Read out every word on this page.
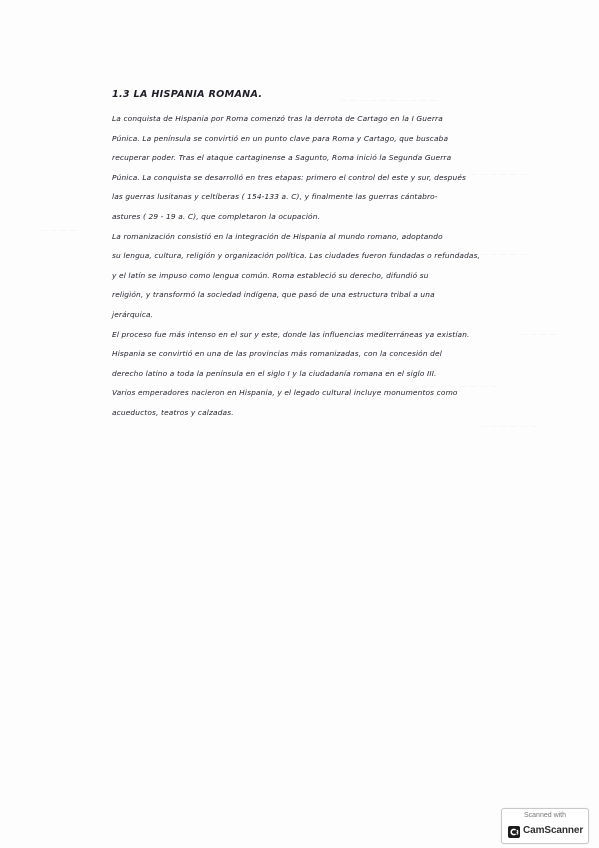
— — — — — — — — — —
— — — — — —
— — — —
— — — — — —
— — — —
— — — — — — — —
— — — — — —
1.3 LA HISPANIA ROMANA.
La conquista de Hispania por Roma comenzó tras la derrota de Cartago en la I Guerra
Púnica. La península se convirtió en un punto clave para Roma y Cartago, que buscaba
recuperar poder. Tras el ataque cartaginense a Sagunto, Roma inició la Segunda Guerra
Púnica. La conquista se desarrolló en tres etapas: primero el control del este y sur, después
las guerras lusitanas y celtíberas ( 154-133 a. C), y finalmente las guerras cántabro-
astures ( 29 - 19 a. C), que completaron la ocupación.
La romanización consistió en la integración de Hispania al mundo romano, adoptando
su lengua, cultura, religión y organización política. Las ciudades fueron fundadas o refundadas,
y el latín se impuso como lengua común. Roma estableció su derecho, difundió su
religión, y transformó la sociedad indígena, que pasó de una estructura tribal a una
jerárquica.
El proceso fue más intenso en el sur y este, donde las influencias mediterráneas ya existían.
Hispania se convirtió en una de las provincias más romanizadas, con la concesión del
derecho latino a toda la península en el siglo I y la ciudadanía romana en el siglo III.
Varios emperadores nacieron en Hispania, y el legado cultural incluye monumentos como
acueductos, teatros y calzadas.
Scanned with
CamScanner
